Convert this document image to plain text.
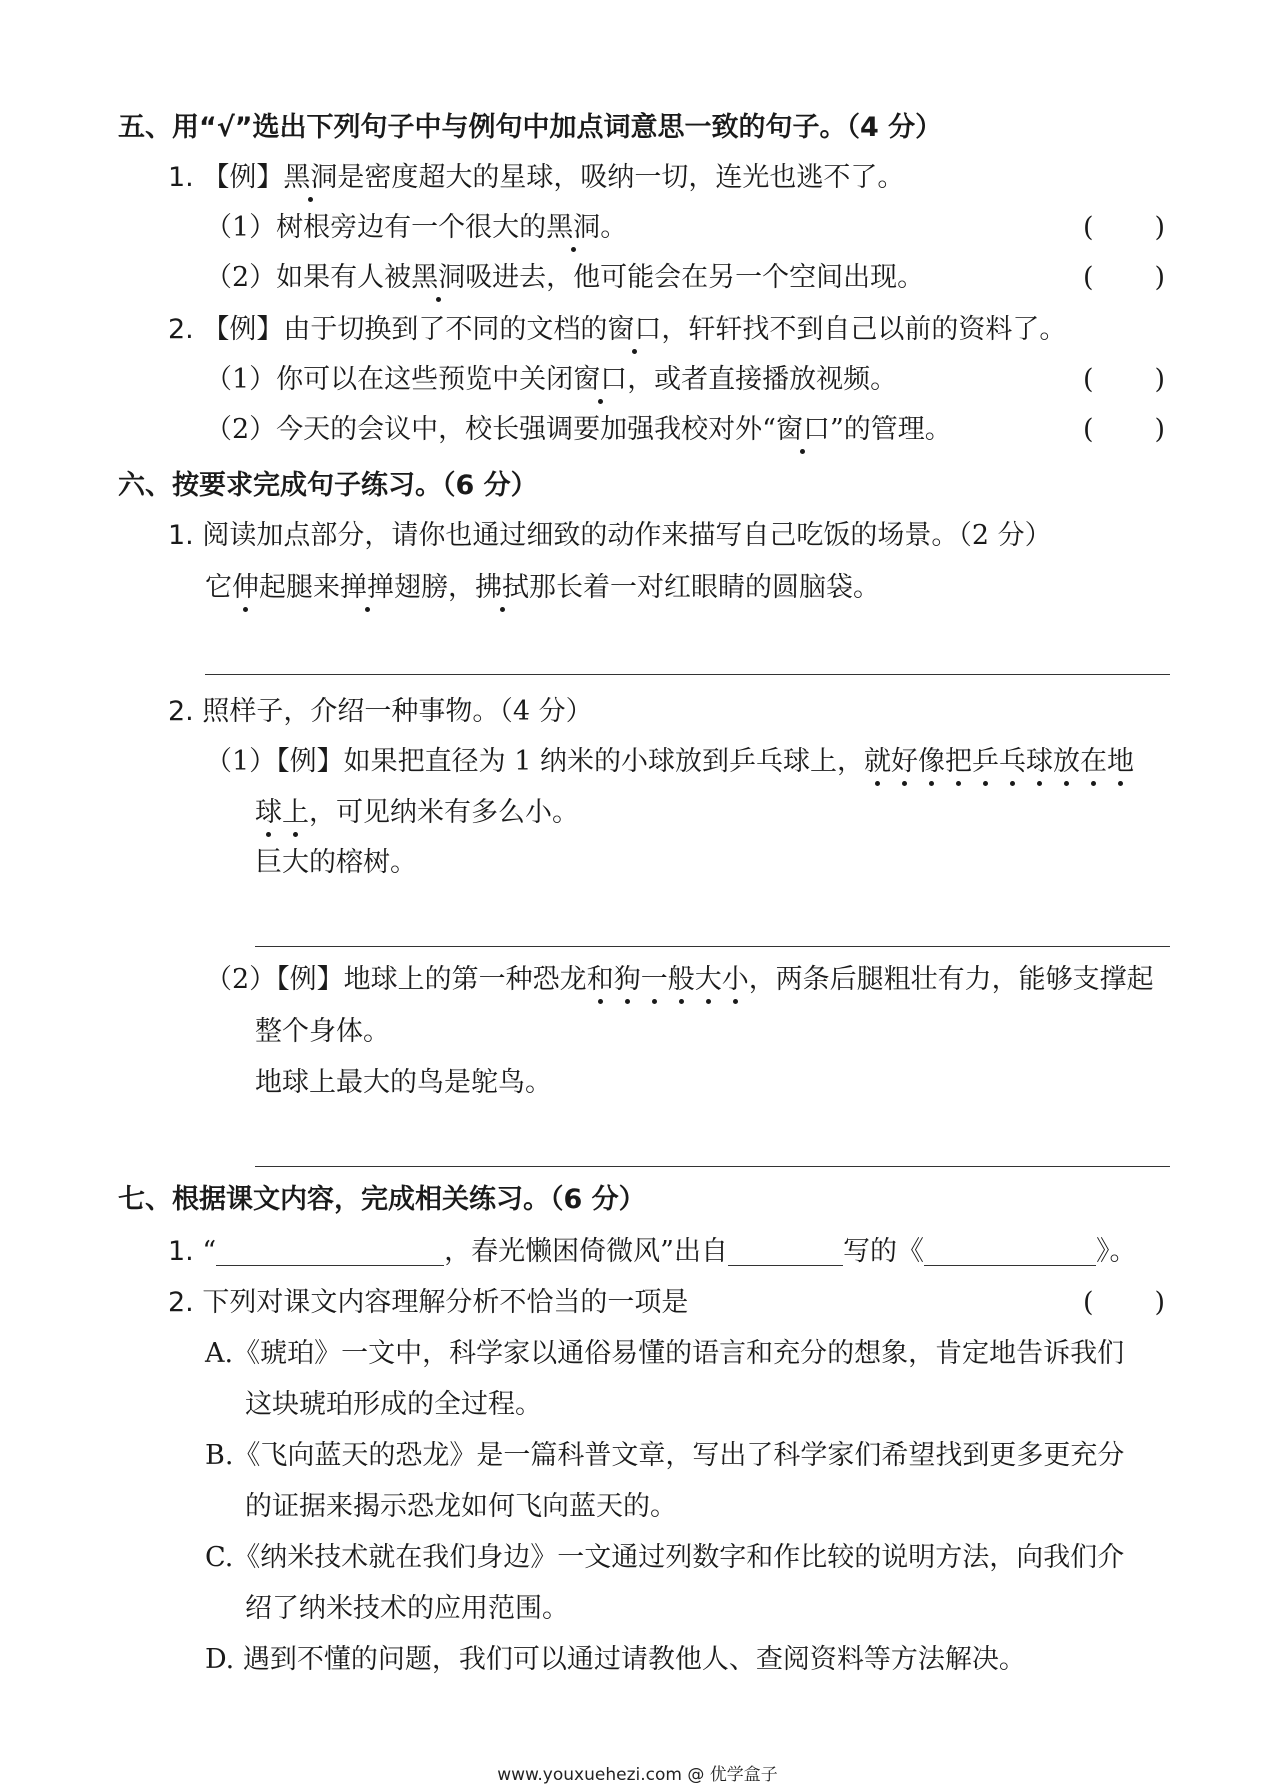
五、用“√”选出下列句子中与例句中加点词意思一致的句子。（4 分）
1. 【例】黑洞是密度超大的星球，吸纳一切，连光也逃不了。
（1）树根旁边有一个很大的黑洞。	( )
（2）如果有人被黑洞吸进去，他可能会在另一个空间出现。	( )
2. 【例】由于切换到了不同的文档的窗口，轩轩找不到自己以前的资料了。
（1）你可以在这些预览中关闭窗口，或者直接播放视频。	( )
（2）今天的会议中，校长强调要加强我校对外“窗口”的管理。	( )
六、按要求完成句子练习。（6 分）
1. 阅读加点部分，请你也通过细致的动作来描写自己吃饭的场景。（2 分）
它伸起腿来掸掸翅膀，拂拭那长着一对红眼睛的圆脑袋。
2. 照样子，介绍一种事物。（4 分）
（1）【例】如果把直径为 1 纳米的小球放到乒乓球上，就好像把乒乓球放在地
球上，可见纳米有多么小。
巨大的榕树。
（2）【例】地球上的第一种恐龙和狗一般大小，两条后腿粗壮有力，能够支撑起
整个身体。
地球上最大的鸟是鸵鸟。
七、根据课文内容，完成相关练习。（6 分）
1. “	，春光懒困倚微风”出自	写的《	》。
2. 下列对课文内容理解分析不恰当的一项是	( )
A.《琥珀》一文中，科学家以通俗易懂的语言和充分的想象，肯定地告诉我们
这块琥珀形成的全过程。
B.《飞向蓝天的恐龙》是一篇科普文章，写出了科学家们希望找到更多更充分
的证据来揭示恐龙如何飞向蓝天的。
C.《纳米技术就在我们身边》一文通过列数字和作比较的说明方法，向我们介
绍了纳米技术的应用范围。
D. 遇到不懂的问题，我们可以通过请教他人、查阅资料等方法解决。
www.youxuehezi.com @ 优学盒子
